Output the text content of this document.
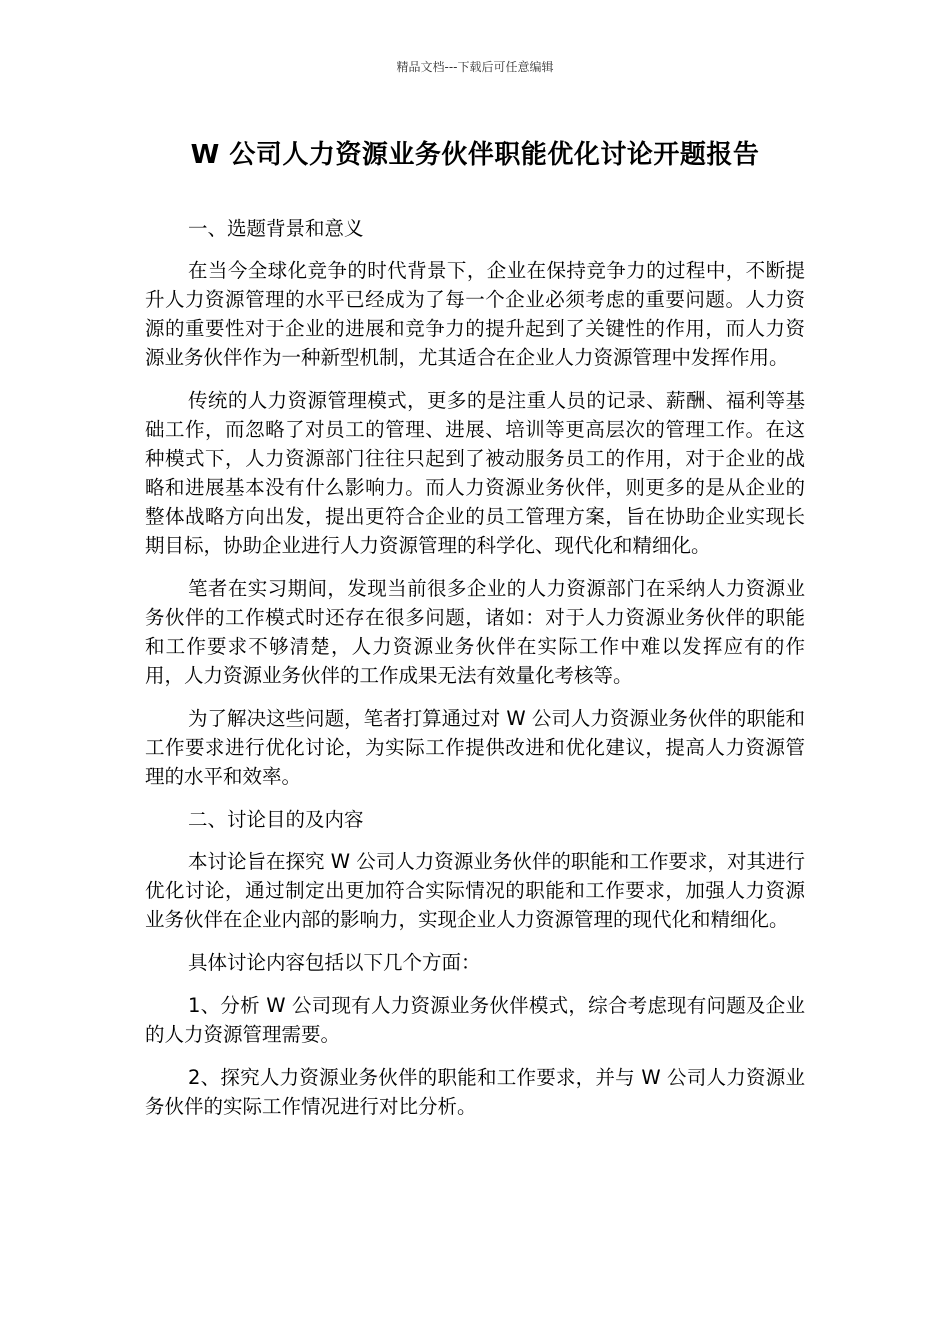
精品文档---下载后可任意编辑
W 公司人力资源业务伙伴职能优化讨论开题报告

一、选题背景和意义

在当今全球化竞争的时代背景下，企业在保持竞争力的过程中，不断提升人力资源管理的水平已经成为了每一个企业必须考虑的重要问题。人力资源的重要性对于企业的进展和竞争力的提升起到了关键性的作用，而人力资源业务伙伴作为一种新型机制，尤其适合在企业人力资源管理中发挥作用。

传统的人力资源管理模式，更多的是注重人员的记录、薪酬、福利等基础工作，而忽略了对员工的管理、进展、培训等更高层次的管理工作。在这种模式下，人力资源部门往往只起到了被动服务员工的作用，对于企业的战略和进展基本没有什么影响力。而人力资源业务伙伴，则更多的是从企业的整体战略方向出发，提出更符合企业的员工管理方案，旨在协助企业实现长期目标，协助企业进行人力资源管理的科学化、现代化和精细化。

笔者在实习期间，发现当前很多企业的人力资源部门在采纳人力资源业务伙伴的工作模式时还存在很多问题，诸如：对于人力资源业务伙伴的职能和工作要求不够清楚，人力资源业务伙伴在实际工作中难以发挥应有的作用，人力资源业务伙伴的工作成果无法有效量化考核等。

为了解决这些问题，笔者打算通过对 W 公司人力资源业务伙伴的职能和工作要求进行优化讨论，为实际工作提供改进和优化建议，提高人力资源管理的水平和效率。

二、讨论目的及内容

本讨论旨在探究 W 公司人力资源业务伙伴的职能和工作要求，对其进行优化讨论，通过制定出更加符合实际情况的职能和工作要求，加强人力资源业务伙伴在企业内部的影响力，实现企业人力资源管理的现代化和精细化。

具体讨论内容包括以下几个方面：

1、分析 W 公司现有人力资源业务伙伴模式，综合考虑现有问题及企业的人力资源管理需要。

2、探究人力资源业务伙伴的职能和工作要求，并与 W 公司人力资源业务伙伴的实际工作情况进行对比分析。
